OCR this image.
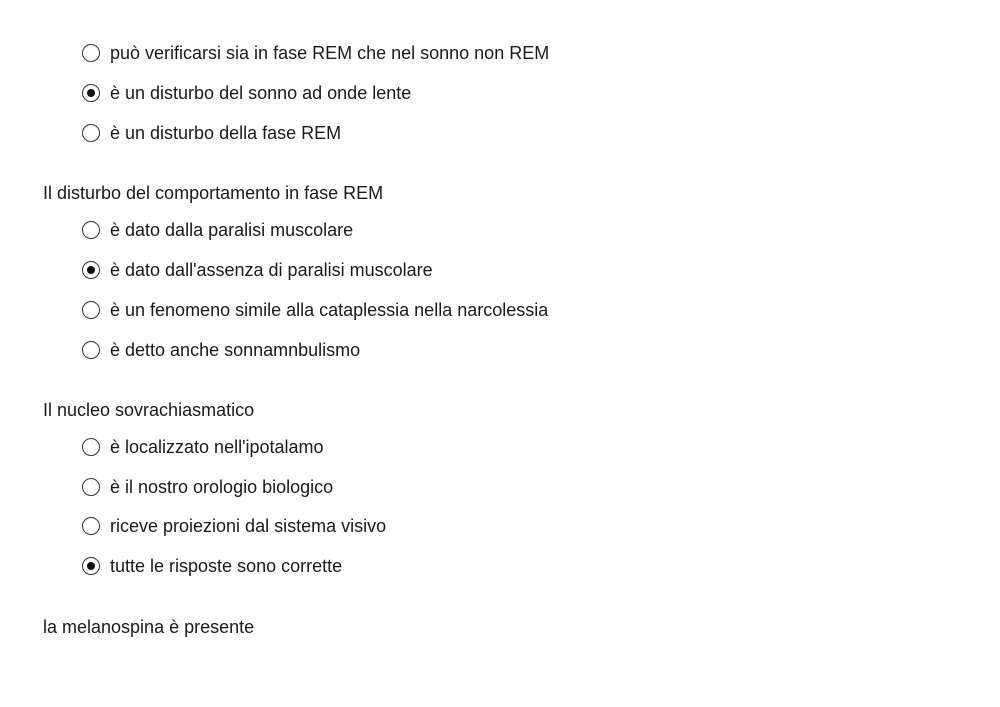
può verificarsi sia in fase REM che nel sonno non REM
è un disturbo del sonno ad onde lente
è un disturbo della fase REM
Il disturbo del comportamento in fase REM
è dato dalla paralisi muscolare
è dato dall'assenza di paralisi muscolare
è un fenomeno simile alla cataplessia nella narcolessia
è detto anche sonnamnbulismo
Il nucleo sovrachiasmatico
è localizzato nell'ipotalamo
è il nostro orologio biologico
riceve proiezioni dal sistema visivo
tutte le risposte sono corrette
la melanospina è presente
